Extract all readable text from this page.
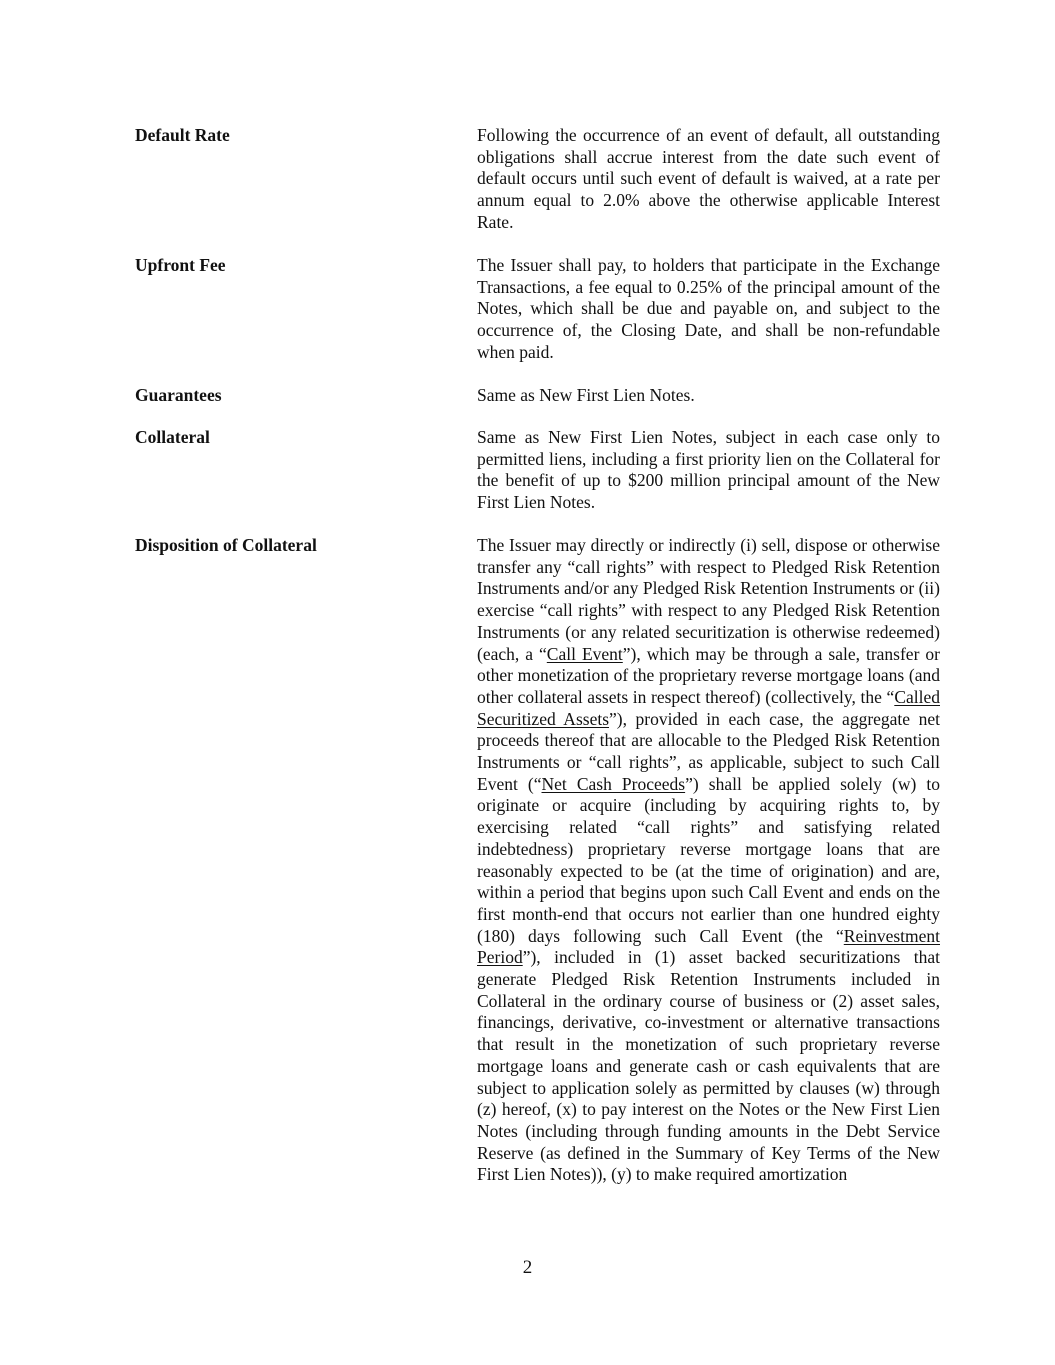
Default Rate	Following the occurrence of an event of default, all outstanding obligations shall accrue interest from the date such event of default occurs until such event of default is waived, at a rate per annum equal to 2.0% above the otherwise applicable Interest Rate.
Upfront Fee	The Issuer shall pay, to holders that participate in the Exchange Transactions, a fee equal to 0.25% of the principal amount of the Notes, which shall be due and payable on, and subject to the occurrence of, the Closing Date, and shall be non-refundable when paid.
Guarantees	Same as New First Lien Notes.
Collateral	Same as New First Lien Notes, subject in each case only to permitted liens, including a first priority lien on the Collateral for the benefit of up to $200 million principal amount of the New First Lien Notes.
Disposition of Collateral	The Issuer may directly or indirectly (i) sell, dispose or otherwise transfer any “call rights” with respect to Pledged Risk Retention Instruments and/or any Pledged Risk Retention Instruments or (ii) exercise “call rights” with respect to any Pledged Risk Retention Instruments (or any related securitization is otherwise redeemed) (each, a “Call Event”), which may be through a sale, transfer or other monetization of the proprietary reverse mortgage loans (and other collateral assets in respect thereof) (collectively, the “Called Securitized Assets”), provided in each case, the aggregate net proceeds thereof that are allocable to the Pledged Risk Retention Instruments or “call rights”, as applicable, subject to such Call Event (“Net Cash Proceeds”) shall be applied solely (w) to originate or acquire (including by acquiring rights to, by exercising related “call rights” and satisfying related indebtedness) proprietary reverse mortgage loans that are reasonably expected to be (at the time of origination) and are, within a period that begins upon such Call Event and ends on the first month-end that occurs not earlier than one hundred eighty (180) days following such Call Event (the “Reinvestment Period”), included in (1) asset backed securitizations that generate Pledged Risk Retention Instruments included in Collateral in the ordinary course of business or (2) asset sales, financings, derivative, co-investment or alternative transactions that result in the monetization of such proprietary reverse mortgage loans and generate cash or cash equivalents that are subject to application solely as permitted by clauses (w) through (z) hereof, (x) to pay interest on the Notes or the New First Lien Notes (including through funding amounts in the Debt Service Reserve (as defined in the Summary of Key Terms of the New First Lien Notes)), (y) to make required amortization
2
